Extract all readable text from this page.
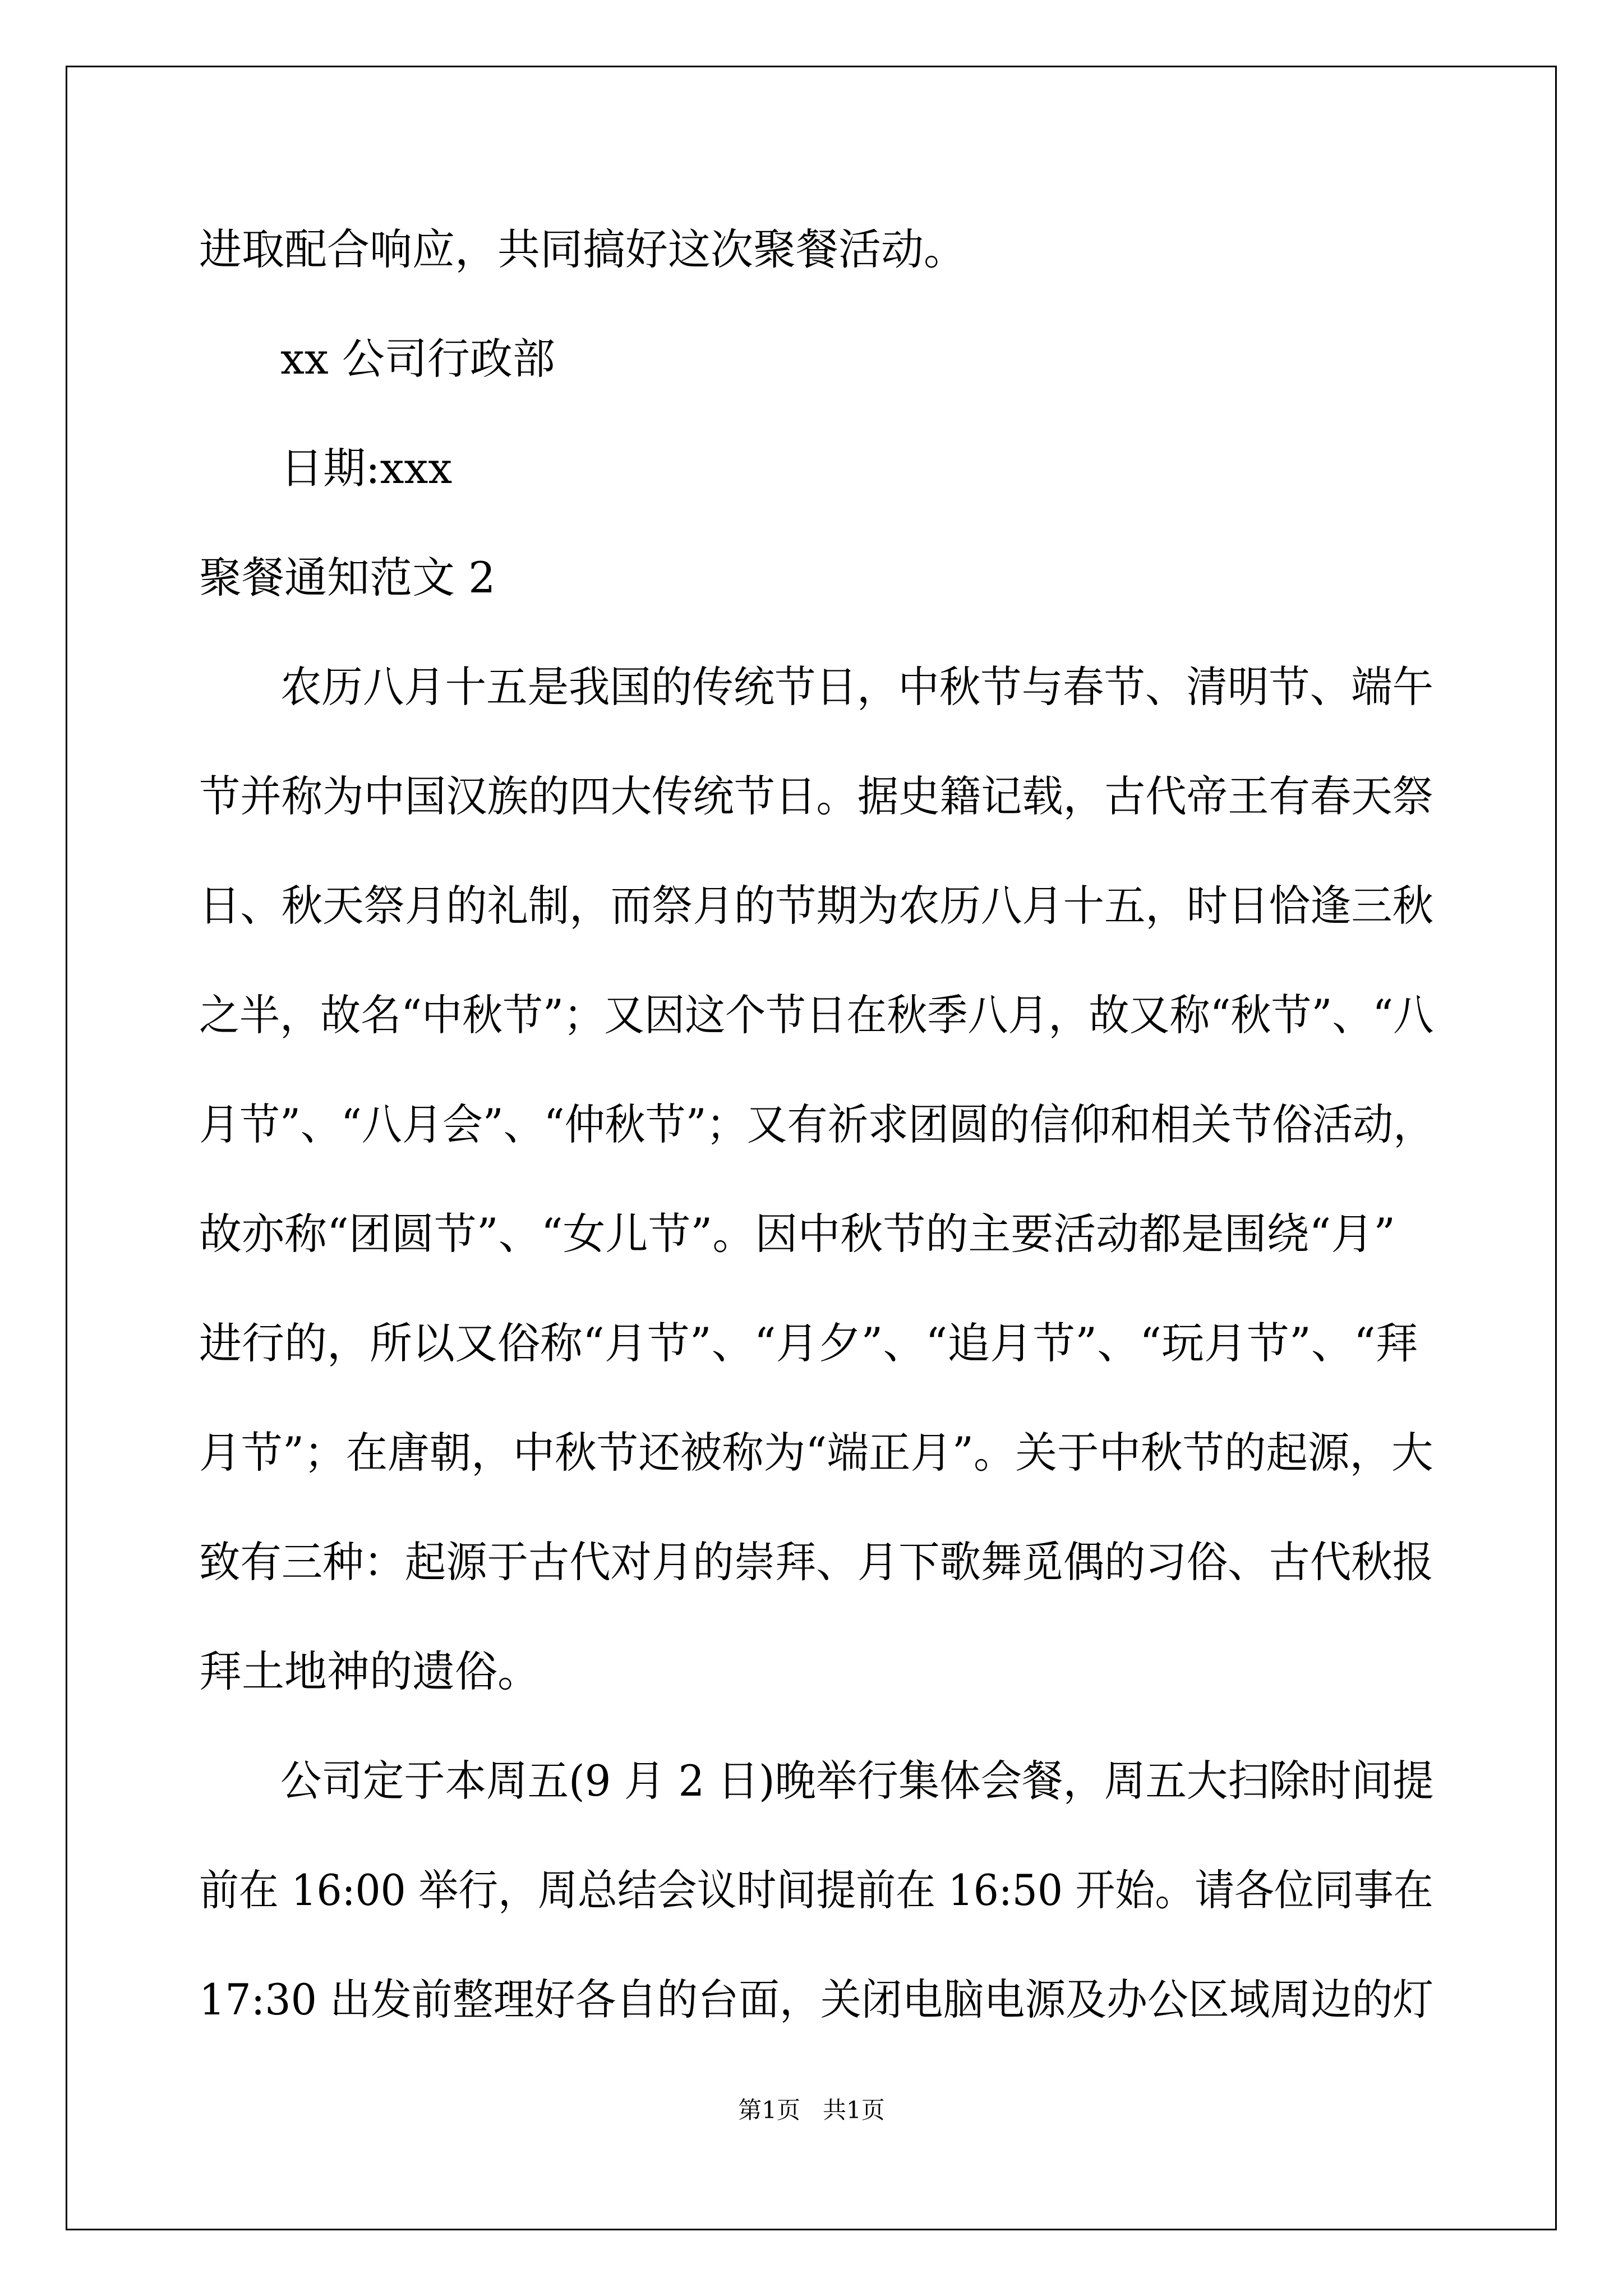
进取配合响应，共同搞好这次聚餐活动。
xx 公司行政部
日期:xxx
聚餐通知范文 2
农历八月十五是我国的传统节日，中秋节与春节、清明节、端午
节并称为中国汉族的四大传统节日。据史籍记载，古代帝王有春天祭
日、秋天祭月的礼制，而祭月的节期为农历八月十五，时日恰逢三秋
之半，故名“中秋节”；又因这个节日在秋季八月，故又称“秋节”、“八
月节”、“八月会”、“仲秋节”；又有祈求团圆的信仰和相关节俗活动，
故亦称“团圆节”、“女儿节”。因中秋节的主要活动都是围绕“月”
进行的，所以又俗称“月节”、“月夕”、“追月节”、“玩月节”、“拜
月节”；在唐朝，中秋节还被称为“端正月”。关于中秋节的起源，大
致有三种：起源于古代对月的崇拜、月下歌舞觅偶的习俗、古代秋报
拜土地神的遗俗。
公司定于本周五(9 月 2 日)晚举行集体会餐，周五大扫除时间提
前在 16:00 举行，周总结会议时间提前在 16:50 开始。请各位同事在
17:30 出发前整理好各自的台面，关闭电脑电源及办公区域周边的灯
第1页   共1页
